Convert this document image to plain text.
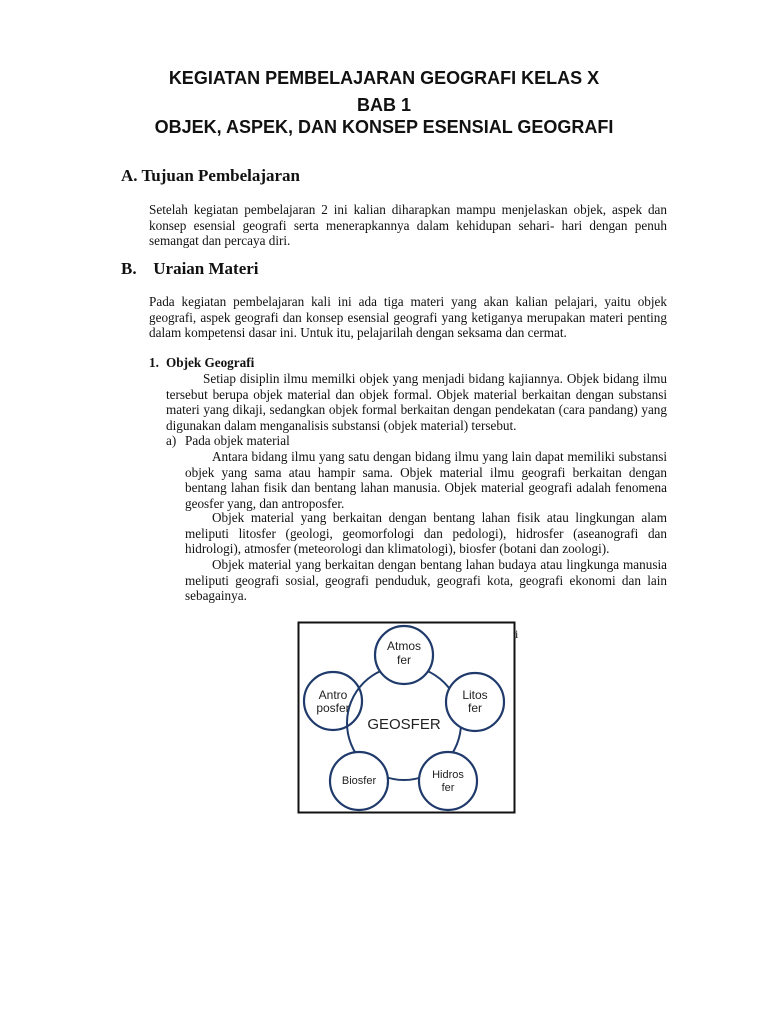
KEGIATAN PEMBELAJARAN GEOGRAFI KELAS X
BAB 1
OBJEK, ASPEK, DAN KONSEP ESENSIAL GEOGRAFI
A. Tujuan Pembelajaran
Setelah kegiatan pembelajaran 2 ini kalian diharapkan mampu menjelaskan objek, aspek dan konsep esensial geografi serta menerapkannya dalam kehidupan sehari- hari dengan penuh semangat dan percaya diri.
B. Uraian Materi
Pada kegiatan pembelajaran kali ini ada tiga materi yang akan kalian pelajari, yaitu objek geografi, aspek geografi dan konsep esensial geografi yang ketiganya merupakan materi penting dalam kompetensi dasar ini. Untuk itu, pelajarilah dengan seksama dan cermat.
1. Objek Geografi
Setiap disiplin ilmu memilki objek yang menjadi bidang kajiannya. Objek bidang ilmu tersebut berupa objek material dan objek formal. Objek material berkaitan dengan substansi materi yang dikaji, sedangkan objek formal berkaitan dengan pendekatan (cara pandang) yang digunakan dalam menganalisis substansi (objek material) tersebut.
a) Pada objek material
Antara bidang ilmu yang satu dengan bidang ilmu yang lain dapat memiliki substansi objek yang sama atau hampir sama. Objek material ilmu geografi berkaitan dengan bentang lahan fisik dan bentang lahan manusia. Objek material geografi adalah fenomena geosfer yang, dan antroposfer.
Objek material yang berkaitan dengan bentang lahan fisik atau lingkungan alam meliputi litosfer (geologi, geomorfologi dan pedologi), hidrosfer (aseanografi dan hidrologi), atmosfer (meteorologi dan klimatologi), biosfer (botani dan zoologi).
Objek material yang berkaitan dengan bentang lahan budaya atau lingkunga manusia meliputi geografi sosial, geografi penduduk, geografi kota, geografi ekonomi dan lain sebagainya.
i
Atmos
fer
Litos
fer
Hidros
fer
Biosfer
GEOSFER
Antro
posfer
